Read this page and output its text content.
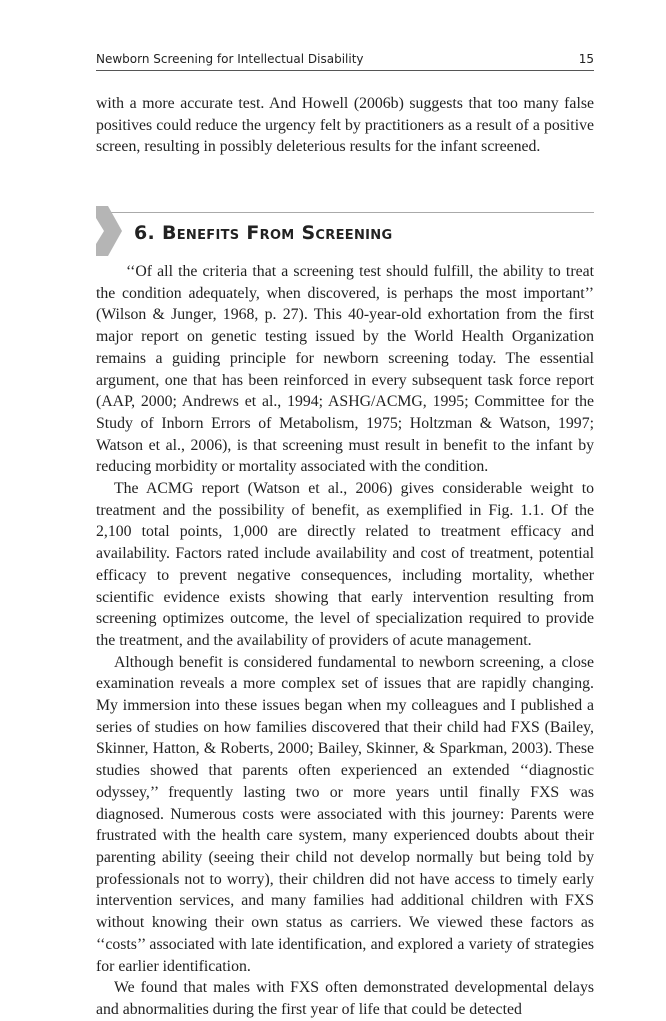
Newborn Screening for Intellectual Disability	15

with a more accurate test. And Howell (2006b) suggests that too many false positives could reduce the urgency felt by practitioners as a result of a positive screen, resulting in possibly deleterious results for the infant screened.

6. Benefits From Screening

‘‘Of all the criteria that a screening test should fulfill, the ability to treat the condition adequately, when discovered, is perhaps the most important’’ (Wilson & Junger, 1968, p. 27). This 40-year-old exhortation from the first major report on genetic testing issued by the World Health Organization remains a guiding principle for newborn screening today. The essential argument, one that has been reinforced in every subsequent task force report (AAP, 2000; Andrews et al., 1994; ASHG/ACMG, 1995; Committee for the Study of Inborn Errors of Metabolism, 1975; Holtzman & Watson, 1997; Watson et al., 2006), is that screening must result in benefit to the infant by reducing morbidity or mortality associated with the condition.

The ACMG report (Watson et al., 2006) gives considerable weight to treatment and the possibility of benefit, as exemplified in Fig. 1.1. Of the 2,100 total points, 1,000 are directly related to treatment efficacy and availability. Factors rated include availability and cost of treatment, potential efficacy to prevent negative consequences, including mortality, whether scientific evidence exists showing that early intervention resulting from screening optimizes outcome, the level of specialization required to provide the treatment, and the availability of providers of acute management.

Although benefit is considered fundamental to newborn screening, a close examination reveals a more complex set of issues that are rapidly changing. My immersion into these issues began when my colleagues and I published a series of studies on how families discovered that their child had FXS (Bailey, Skinner, Hatton, & Roberts, 2000; Bailey, Skinner, & Sparkman, 2003). These studies showed that parents often experienced an extended ‘‘diagnostic odyssey,’’ frequently lasting two or more years until finally FXS was diagnosed. Numerous costs were associated with this journey: Parents were frustrated with the health care system, many experienced doubts about their parenting ability (seeing their child not develop normally but being told by professionals not to worry), their children did not have access to timely early intervention services, and many families had additional children with FXS without knowing their own status as carriers. We viewed these factors as ‘‘costs’’ associated with late identification, and explored a variety of strategies for earlier identification.

We found that males with FXS often demonstrated developmental delays and abnormalities during the first year of life that could be detected
